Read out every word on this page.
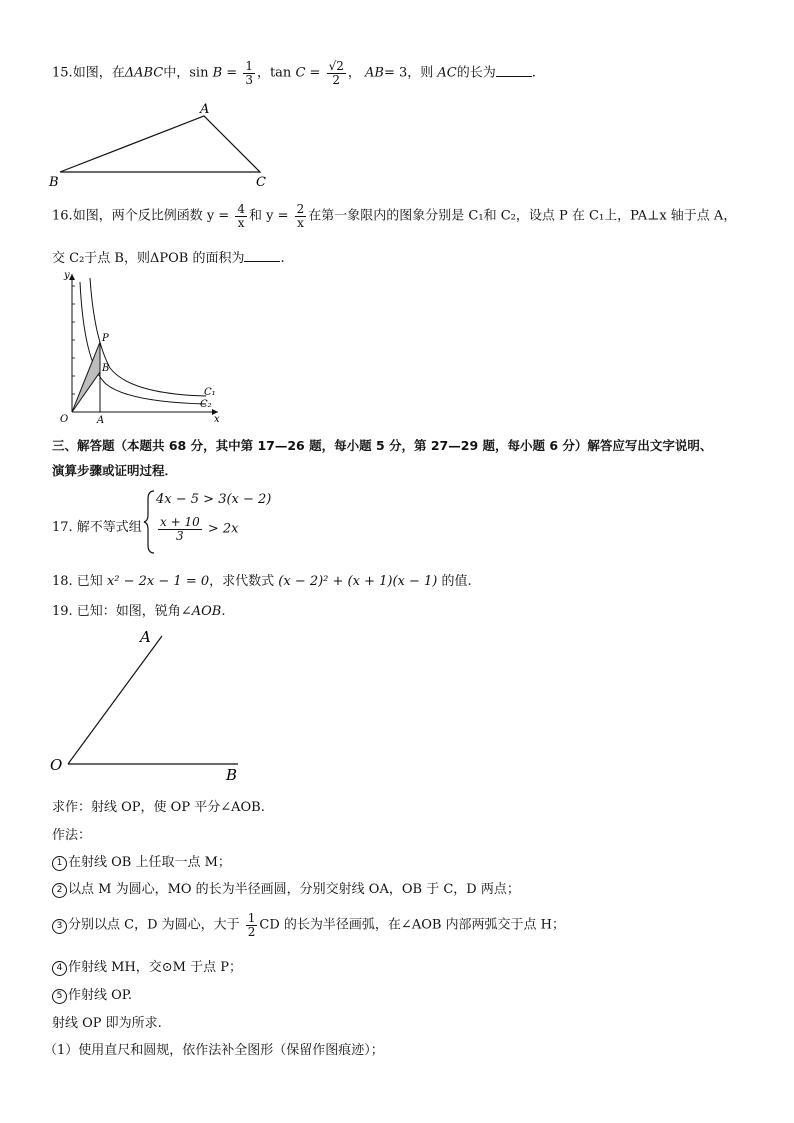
15.如图，在ΔABC中，$\sin B = \frac{1}{3}$ ，$\tan C = \frac{√2}{2}$ ， AB= 3，则 AC的长为	.
A
B	C
16.如图，两个反比例函数 $y = \frac{4}{x}$ 和 $y = \frac{2}{x}$ 在第一象限内的图象分别是 C₁和 C₂，设点 P 在 C₁上，PA⊥x 轴于点 A，
交 C₂于点 B，则ΔPOB 的面积为	.
y
x
O	A
P
B
C₁
C₂
三、解答题（本题共 68 分，其中第 17—26 题，每小题 5 分，第 27—29 题，每小题 6 分）解答应写出文字说明、
演算步骤或证明过程．
17. 解不等式组
4x − 5 > 3(x − 2)
$\frac{x + 10}{3} > 2x$
18. 已知 x² − 2x − 1 = 0，求代数式 (x − 2)² + (x + 1)(x − 1) 的值.
19. 已知：如图，锐角∠AOB.
A
O
B
求作：射线 OP，使 OP 平分∠AOB.
作法：
1 在射线 OB 上任取一点 M；
2 以点 M 为圆心，MO 的长为半径画圆，分别交射线 OA，OB 于 C，D 两点；
3 分别以点 C，D 为圆心，大于 $\frac{1}{2}$ CD 的长为半径画弧，在∠AOB 内部两弧交于点 H；
4 作射线 MH，交⊙M 于点 P；
5 作射线 OP.
射线 OP 即为所求.
（1）使用直尺和圆规，依作法补全图形（保留作图痕迹）；
